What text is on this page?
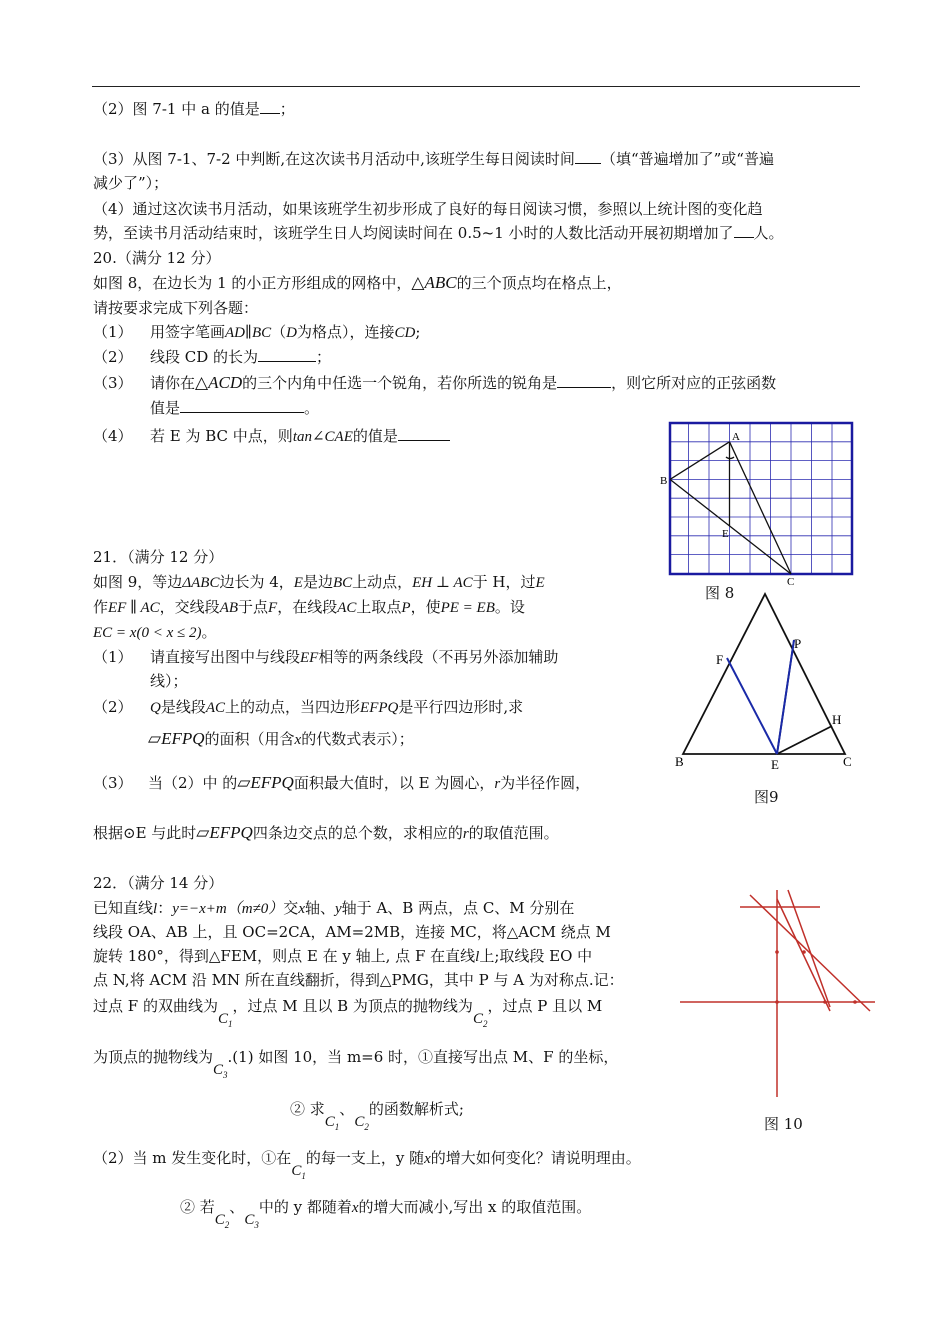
（2）图 7-1 中 a 的值是 ；
（3）从图 7-1、7-2 中判断,在这次读书月活动中,该班学生每日阅读时间 （填“普遍增加了”或“普遍
减少了”）；
（4）通过这次读书月活动，如果该班学生初步形成了良好的每日阅读习惯，参照以上统计图的变化趋
势，至读书月活动结束时，该班学生日人均阅读时间在 0.5~1 小时的人数比活动开展初期增加了 人。
20.（满分 12 分）
如图 8，在边长为 1 的小正方形组成的网格中，△ABC的三个顶点均在格点上，
请按要求完成下列各题：
（1） 用签字笔画AD∥BC（D为格点），连接CD;
（2） 线段 CD 的长为	；
（3） 请你在△ACD的三个内角中任选一个锐角，若你所选的锐角是	，则它所对应的正弦函数
值是	。
（4） 若 E 为 BC 中点，则tan∠CAE的值是	A
B
E
C
图 8
21．（满分 12 分）
如图 9，等边ΔABC边长为 4，E是边BC上动点，EH ⊥ AC于 H，过E
作EF ∥ AC，交线段AB于点F，在线段AC上取点P，使PE = EB。设
EC = x(0 < x ≤ 2)。
（1） 请直接写出图中与线段EF相等的两条线段（不再另外添加辅助
线）；
（2） Q是线段AC上的动点，当四边形EFPQ是平行四边形时,求
▱EFPQ的面积（用含x的代数式表示）；
（3） 当（2）中 的▱EFPQ面积最大值时，以 E 为圆心，r为半径作圆，
根据⊙E 与此时▱EFPQ四条边交点的总个数，求相应的r的取值范围。
B	C
E
F
P
H
图9
22．（满分 14 分）
已知直线l：y=−x+m（m≠0）交x轴、y轴于 A、B 两点，点 C、M 分别在
线段 OA、AB 上，且 OC=2CA，AM=2MB，连接 MC，将△ACM 绕点 M
旋转 180°，得到△FEM，则点 E 在 y 轴上, 点 F 在直线l上;取线段 EO 中
点 N,将 ACM 沿 MN 所在直线翻折，得到△PMG，其中 P 与 A 为对称点.记：
过点 F 的双曲线为$C_1$，过点 M 且以 B 为顶点的抛物线为$C_2$，过点 P 且以 M
为顶点的抛物线为$C_3.(1)$ 如图 10，当 m=6 时，①直接写出点 M、F 的坐标，
② 求$C_1$、$C_2$的函数解析式;
（2）当 m 发生变化时，①在$C_1$的每一支上，y 随x的增大如何变化？请说明理由。
② 若$C_2$、$C_3$中的 y 都随着x的增大而减小,写出 x 的取值范围。
图 10
